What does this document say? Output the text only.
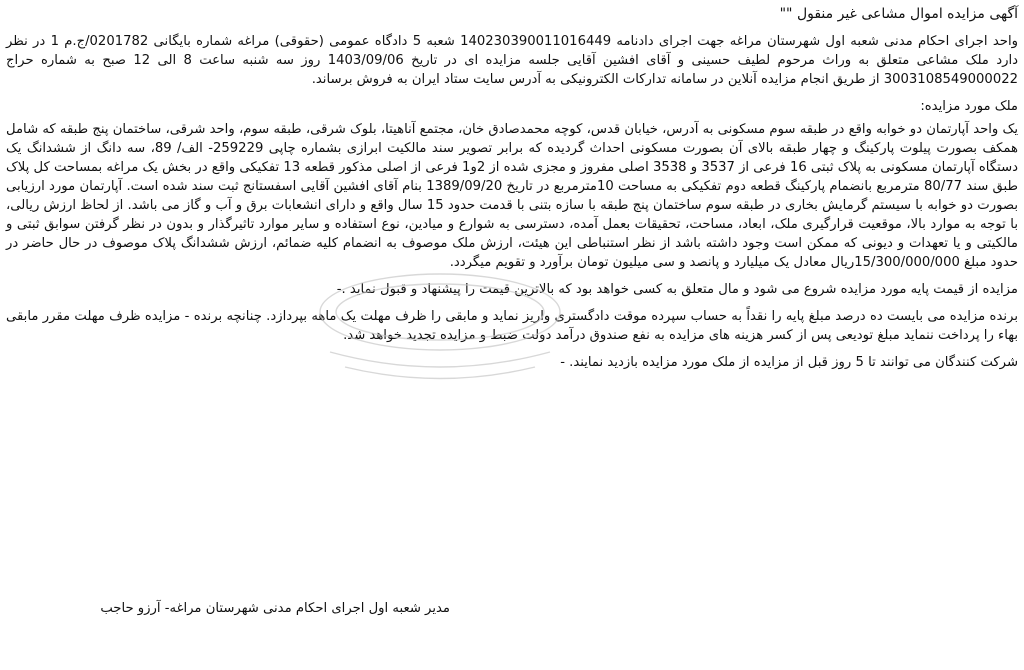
آگهی مزایده اموال مشاعی غیر منقول ""

واحد اجرای احکام مدنی شعبه اول شهرستان مراغه جهت اجرای دادنامه 140230390011016449 شعبه 5 دادگاه عمومی (حقوقی) مراغه شماره بایگانی 0201782/ج.م 1 در نظر دارد ملک مشاعی متعلق به وراث مرحوم لطیف حسینی و آقای افشین آقایی جلسه مزایده ای در تاریخ 1403/09/06 روز سه شنبه ساعت 8 الی 12 صبح به شماره حراج 3003108549000022 از طریق انجام مزایده آنلاین در سامانه تدارکات الکترونیکی به آدرس سایت ستاد ایران به فروش برساند.

ملک مورد مزایده:

یک واحد آپارتمان دو خوابه واقع در طبقه سوم مسکونی به آدرس، خیابان قدس، کوچه محمدصادق خان، مجتمع آناهیتا، بلوک شرقی، طبقه سوم، واحد شرقی، ساختمان پنج طبقه که شامل همکف بصورت پیلوت پارکینگ و چهار طبقه بالای آن بصورت مسکونی احداث گردیده که برابر تصویر سند مالکیت ابرازی بشماره چاپی 259229- الف/ 89، سه دانگ از ششدانگ یک دستگاه آپارتمان مسکونی به پلاک ثبتی 16 فرعی از 3537 و 3538 اصلی مفروز و مجزی شده از 2و1 فرعی از اصلی مذکور قطعه 13 تفکیکی واقع در بخش یک مراغه بمساحت کل پلاک طبق سند 80/77 مترمربع بانضمام پارکینگ قطعه دوم تفکیکی به مساحت 10مترمربع در تاریخ 1389/09/20 بنام آقای افشین آقایی اسفستانج ثبت سند شده است. آپارتمان مورد ارزیابی بصورت دو خوابه با سیستم گرمایش بخاری در طبقه سوم ساختمان پنج طبقه با سازه بتنی با قدمت حدود 15 سال واقع و دارای انشعابات برق و آب و گاز می باشد. از لحاظ ارزش ریالی، با توجه به موارد بالا، موقعیت قرارگیری ملک، ابعاد، مساحت، تحقیقات بعمل آمده، دسترسی به شوارع و میادین، نوع استفاده و سایر موارد تاثیرگذار و بدون در نظر گرفتن سوابق ثبتی و مالکیتی و یا تعهدات و دیونی که ممکن است وجود داشته باشد از نظر استنباطی این هیئت، ارزش ملک موصوف به انضمام کلیه ضمائم، ارزش ششدانگ پلاک موصوف در حال حاضر در حدود مبلغ 15/300/000/000ریال معادل یک میلیارد و پانصد و سی میلیون تومان برآورد و تقویم میگردد.

مزایده از قیمت پایه مورد مزایده شروع می شود و مال متعلق به کسی خواهد بود که بالاترین قیمت را پیشنهاد و قبول نماید .-

برنده مزایده می بایست ده درصد مبلغ پایه را نقداً به حساب سپرده موقت دادگستری واریز نماید و مابقی را ظرف مهلت یک ماهه بپردازد. چنانچه برنده - مزایده ظرف مهلت مقرر مابقی بهاء را پرداخت ننماید مبلغ تودیعی پس از کسر هزینه های مزایده به نفع صندوق درآمد دولت ضبط و مزایده تجدید خواهد شد.

شرکت کنندگان می توانند تا 5 روز قبل از مزایده از ملک مورد مزایده بازدید نمایند. -

مدیر شعبه اول اجرای احکام مدنی شهرستان مراغه- آرزو حاجب
